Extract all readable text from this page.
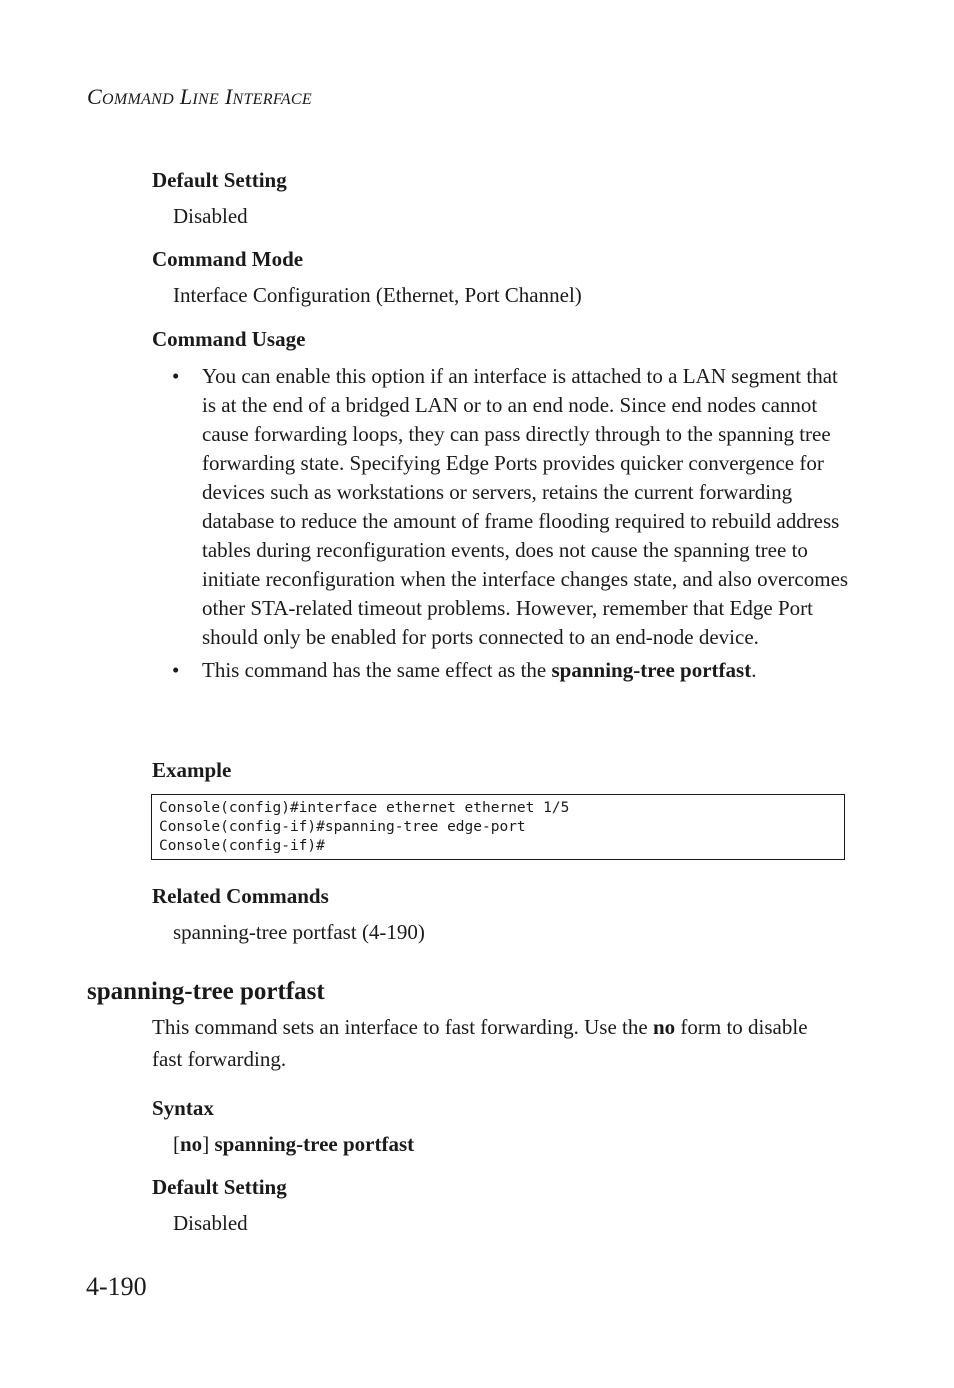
COMMAND LINE INTERFACE
Default Setting
Disabled
Command Mode
Interface Configuration (Ethernet, Port Channel)
Command Usage
•	You can enable this option if an interface is attached to a LAN segment that is at the end of a bridged LAN or to an end node. Since end nodes cannot cause forwarding loops, they can pass directly through to the spanning tree forwarding state. Specifying Edge Ports provides quicker convergence for devices such as workstations or servers, retains the current forwarding database to reduce the amount of frame flooding required to rebuild address tables during reconfiguration events, does not cause the spanning tree to initiate reconfiguration when the interface changes state, and also overcomes other STA-related timeout problems. However, remember that Edge Port should only be enabled for ports connected to an end-node device.
•	This command has the same effect as the spanning-tree portfast.
Example
Console(config)#interface ethernet ethernet 1/5
Console(config-if)#spanning-tree edge-port
Console(config-if)#
Related Commands
spanning-tree portfast (4-190)
spanning-tree portfast
This command sets an interface to fast forwarding. Use the no form to disable fast forwarding.
Syntax
[no] spanning-tree portfast
Default Setting
Disabled
4-190
